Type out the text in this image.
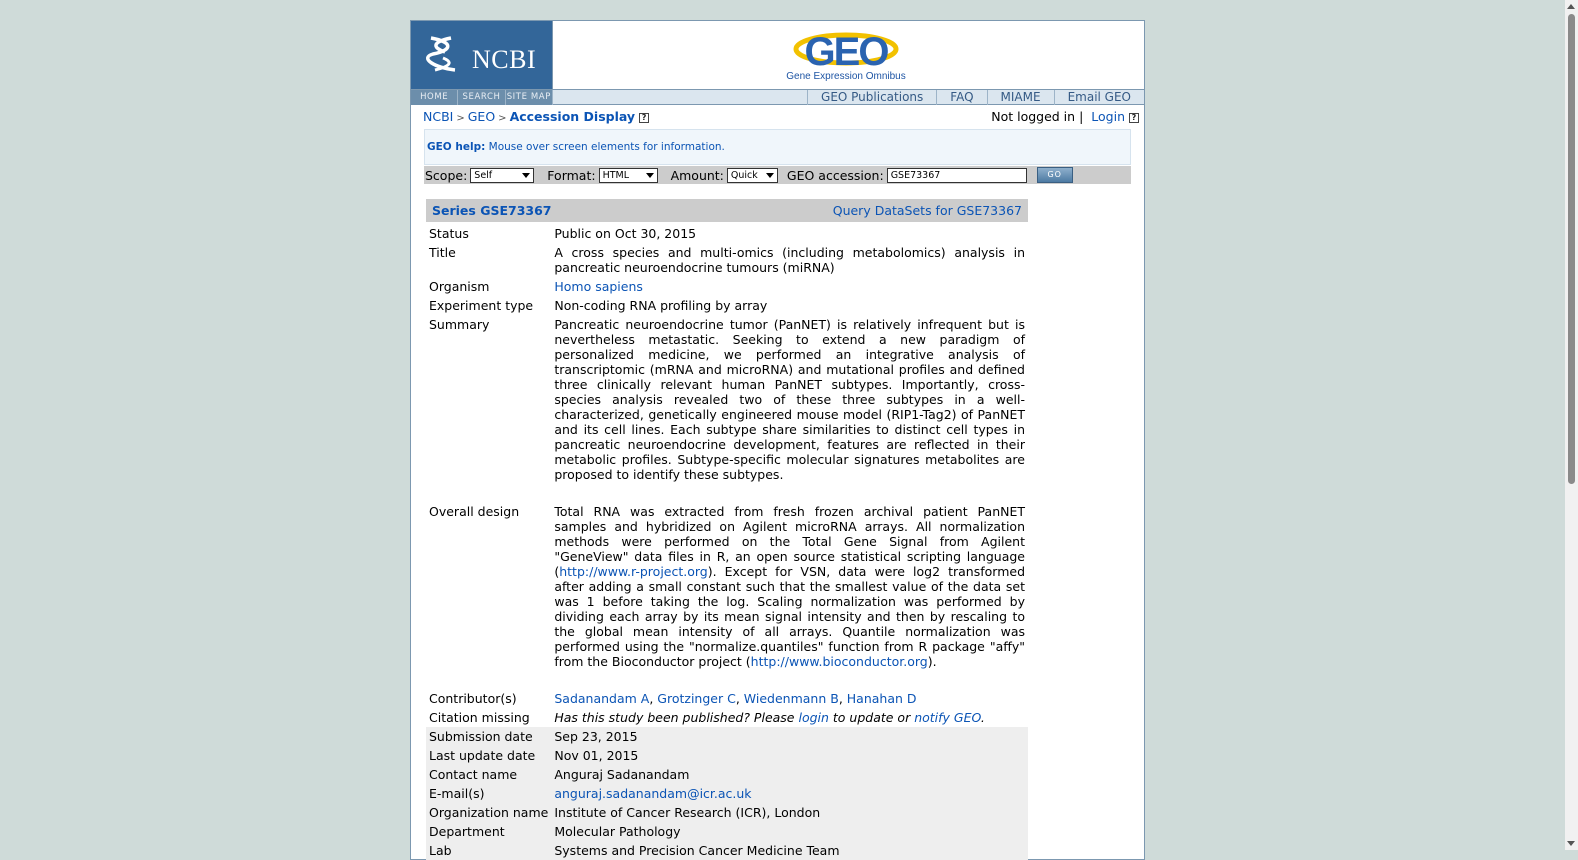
NCBI	GEO
Gene Expression Omnibus
HOME	SEARCH SITE MAP	GEO Publications	FAQ	MIAME	Email GEO
NCBI > GEO > Accession Display ?	Not logged in | Login ?
GEO help: Mouse over screen elements for information.
Scope: Self	Format: HTML	Amount: Quick	GEO accession: GSE73367	GO
Series GSE73367	Query DataSets for GSE73367
Status	Public on Oct 30, 2015
Title	A cross species and multi-omics (including metabolomics) analysis in pancreatic neuroendocrine tumours (miRNA)
Organism	Homo sapiens
Experiment type	Non-coding RNA profiling by array
Summary	Pancreatic neuroendocrine tumor (PanNET) is relatively infrequent but is nevertheless metastatic. Seeking to extend a new paradigm of personalized medicine, we performed an integrative analysis of transcriptomic (mRNA and microRNA) and mutational profiles and defined three clinically relevant human PanNET subtypes. Importantly, cross-species analysis revealed two of these three subtypes in a well-characterized, genetically engineered mouse model (RIP1-Tag2) of PanNET and its cell lines. Each subtype share similarities to distinct cell types in pancreatic neuroendocrine development, features are reflected in their metabolic profiles. Subtype-specific molecular signatures metabolites are proposed to identify these subtypes.

Overall design	Total RNA was extracted from fresh frozen archival patient PanNET samples and hybridized on Agilent microRNA arrays. All normalization methods were performed on the Total Gene Signal from Agilent "GeneView" data files in R, an open source statistical scripting language (http://www.r-project.org). Except for VSN, data were log2 transformed after adding a small constant such that the smallest value of the data set was 1 before taking the log. Scaling normalization was performed by dividing each array by its mean signal intensity and then by rescaling to the global mean intensity of all arrays. Quantile normalization was performed using the "normalize.quantiles" function from R package "affy" from the Bioconductor project (http://www.bioconductor.org).

Contributor(s)	Sadanandam A, Grotzinger C, Wiedenmann B, Hanahan D
Citation missing	Has this study been published? Please login to update or notify GEO.
Submission date	Sep 23, 2015
Last update date	Nov 01, 2015
Contact name	Anguraj Sadanandam
E-mail(s)	anguraj.sadanandam@icr.ac.uk
Organization name	Institute of Cancer Research (ICR), London
Department	Molecular Pathology
Lab	Systems and Precision Cancer Medicine Team
